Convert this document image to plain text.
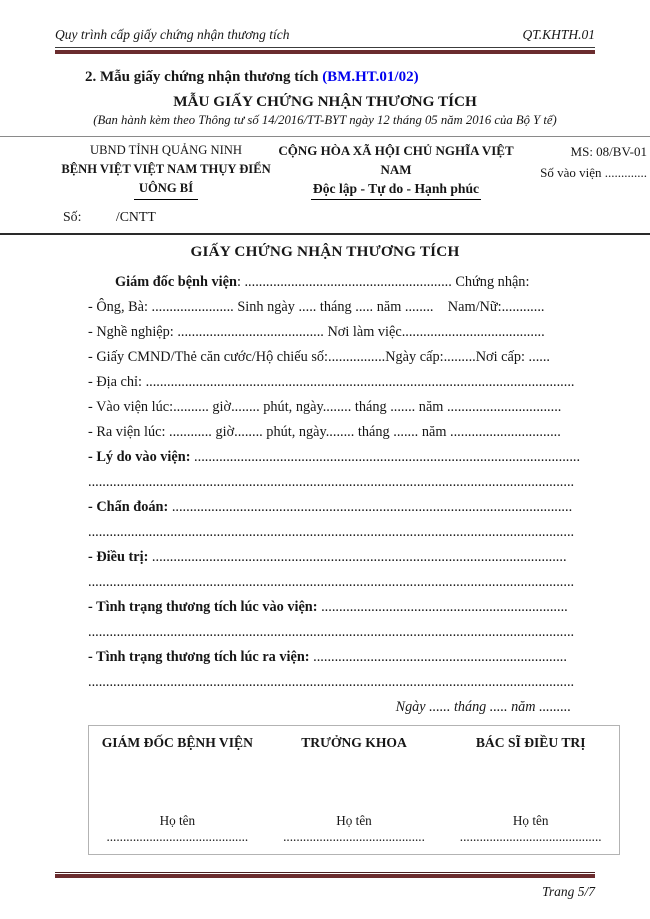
Quy trình cấp giấy chứng nhận thương tích	QT.KHTH.01
2. Mẫu giấy chứng nhận thương tích (BM.HT.01/02)
MẪU GIẤY CHỨNG NHẬN THƯƠNG TÍCH
(Ban hành kèm theo Thông tư số 14/2016/TT-BYT ngày 12 tháng 05 năm 2016 của Bộ Y tế)
UBND TỈNH QUẢNG NINH
BỆNH VIỆT VIỆT NAM THỤY ĐIỂN
UÔNG BÍ
Số:          /CNTT
CỘNG HÒA XÃ HỘI CHỦ NGHĨA VIỆT NAM
Độc lập - Tự do - Hạnh phúc
MS: 08/BV-01
Số vào viện .............
GIẤY CHỨNG NHẬN THƯƠNG TÍCH
Giám đốc bệnh viện: .......................................................... Chứng nhận:
- Ông, Bà: ....................... Sinh ngày ..... tháng ..... năm ........    Nam/Nữ:............
- Nghề nghiệp: ......................................... Nơi làm việc........................................
- Giấy CMND/Thẻ căn cước/Hộ chiếu số:................Ngày cấp:.........Nơi cấp: ......
- Địa chỉ: ........................................................................................................................
- Vào viện lúc:.......... giờ........ phút, ngày........ tháng ....... năm ................................
- Ra viện lúc: ............ giờ........ phút, ngày........ tháng ....... năm ...............................
- Lý do vào viện: ............................................................................................................
........................................................................................................................................
- Chẩn đoán: ................................................................................................................
........................................................................................................................................
- Điều trị: ....................................................................................................................
........................................................................................................................................
- Tình trạng thương tích lúc vào viện: .....................................................................
........................................................................................................................................
- Tình trạng thương tích lúc ra viện: .......................................................................
........................................................................................................................................
Ngày ...... tháng ..... năm .........
GIÁM ĐỐC BỆNH VIỆN
Họ tên
...........................................
TRƯỞNG KHOA
Họ tên
...........................................
BÁC SĨ ĐIỀU TRỊ
Họ tên
...........................................
Trang 5/7
